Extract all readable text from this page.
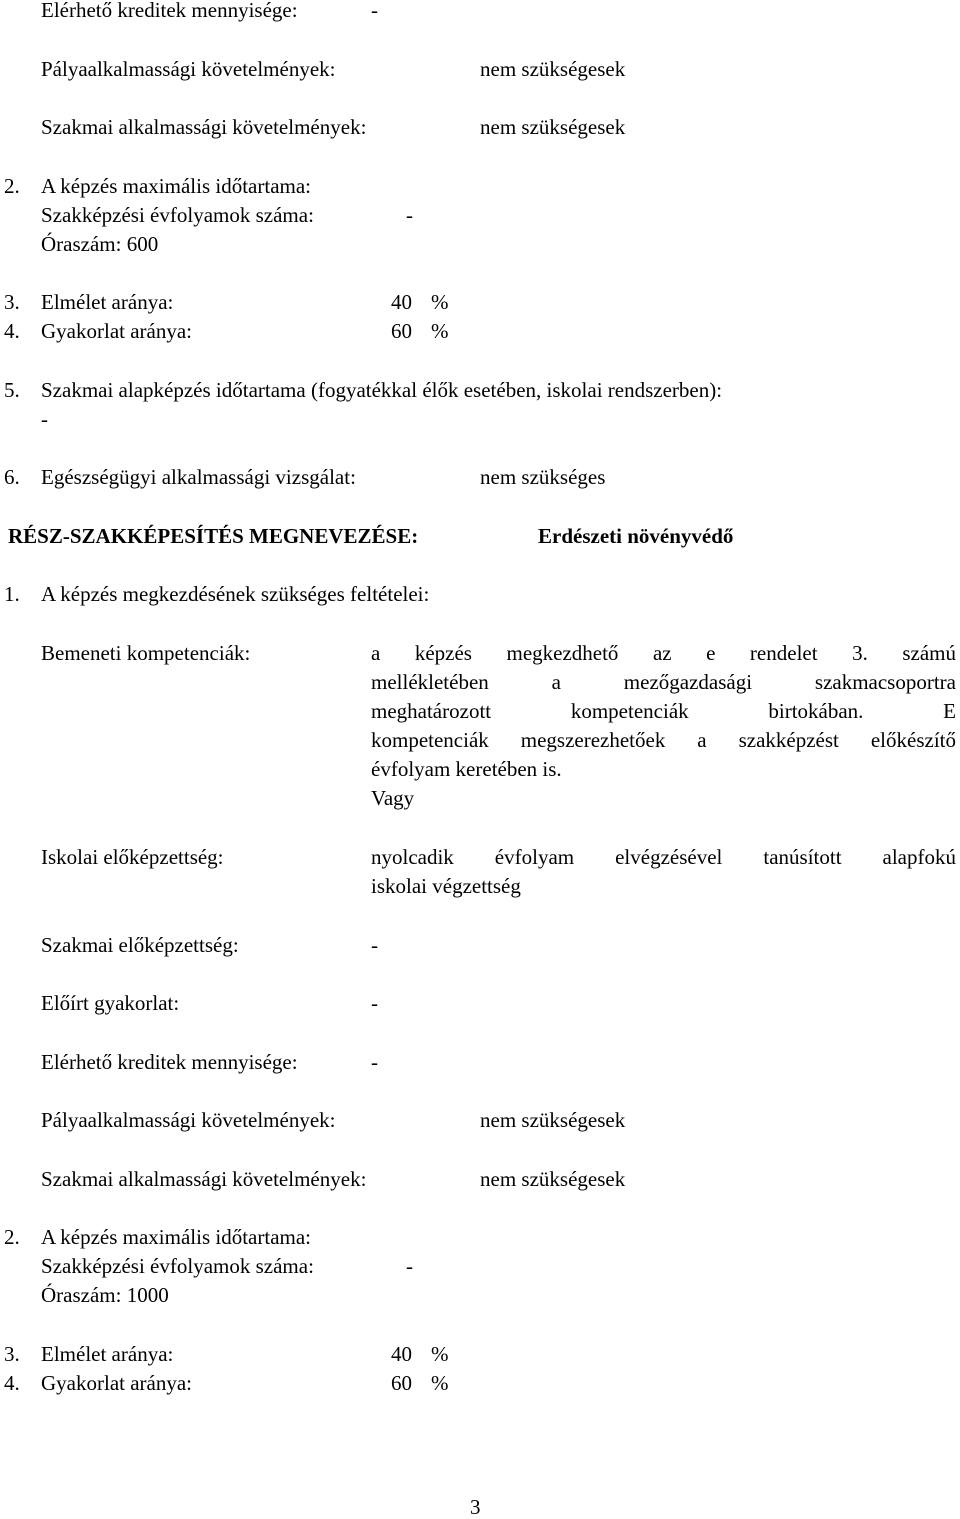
Elérhető kreditek mennyisége:	-
Pályaalkalmassági követelmények:	nem szükségesek
Szakmai alkalmassági követelmények:	nem szükségesek
2. A képzés maximális időtartama:
Szakképzési évfolyamok száma:	-
Óraszám: 600
3. Elmélet aránya:	40 %
4. Gyakorlat aránya:	60 %
5. Szakmai alapképzés időtartama (fogyatékkal élők esetében, iskolai rendszerben):
-
6. Egészségügyi alkalmassági vizsgálat:	nem szükséges
RÉSZ-SZAKKÉPESÍTÉS MEGNEVEZÉSE:	Erdészeti növényvédő
1. A képzés megkezdésének szükséges feltételei:
Bemeneti kompetenciák:	a képzés megkezdhető az e rendelet 3. számú
mellékletében a mezőgazdasági szakmacsoportra
meghatározott kompetenciák birtokában. E
kompetenciák megszerezhetőek a szakképzést előkészítő
évfolyam keretében is.
Vagy
Iskolai előképzettség:	nyolcadik évfolyam elvégzésével tanúsított alapfokú
iskolai végzettség
Szakmai előképzettség:	-
Előírt gyakorlat:	-
Elérhető kreditek mennyisége:	-
Pályaalkalmassági követelmények:	nem szükségesek
Szakmai alkalmassági követelmények:	nem szükségesek
2. A képzés maximális időtartama:
Szakképzési évfolyamok száma:	-
Óraszám: 1000
3. Elmélet aránya:	40 %
4. Gyakorlat aránya:	60 %
3
